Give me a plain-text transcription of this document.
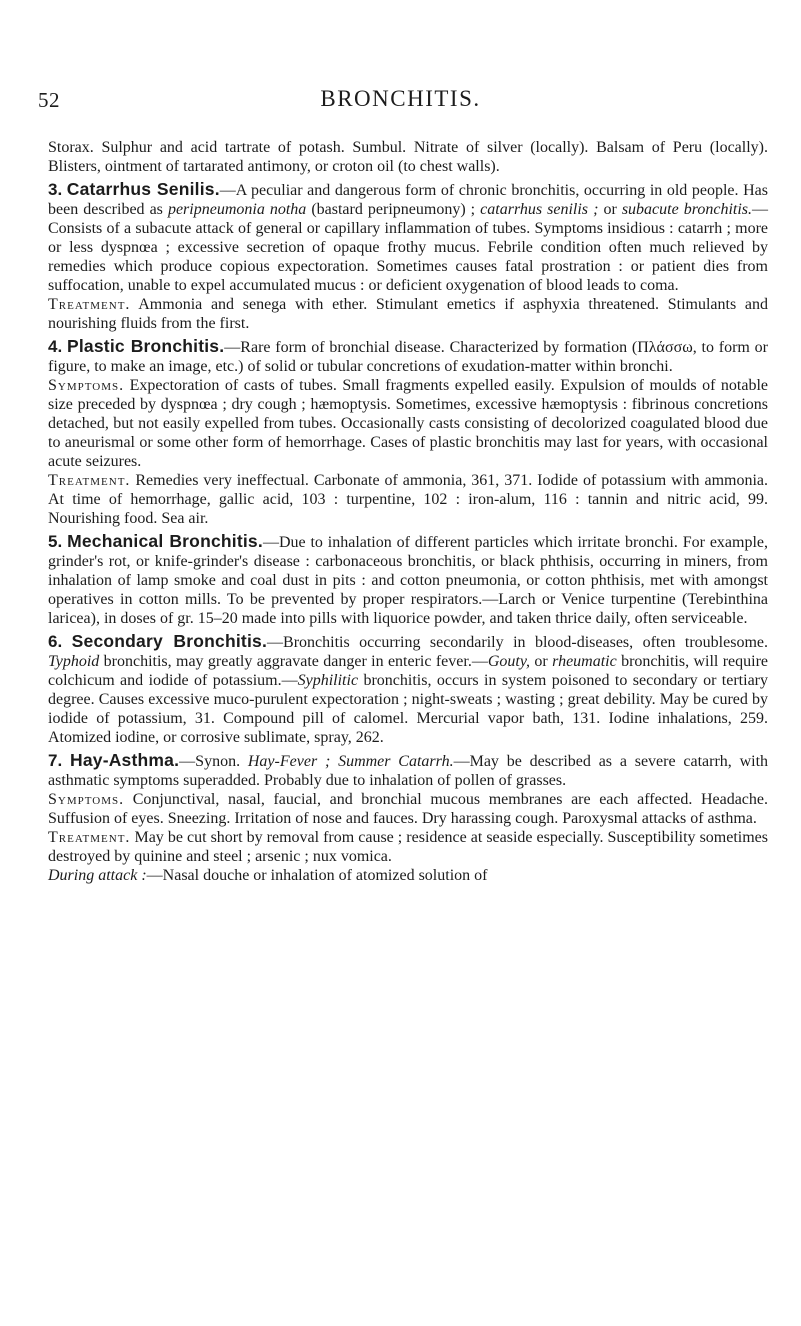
52	BRONCHITIS.

Storax. Sulphur and acid tartrate of potash. Sumbul. Nitrate of silver (locally). Balsam of Peru (locally). Blisters, ointment of tartarated antimony, or croton oil (to chest walls).

3. Catarrhus Senilis.—A peculiar and dangerous form of chronic bronchitis, occurring in old people. Has been described as peripneumonia notha (bastard peripneumony) ; catarrhus senilis ; or subacute bronchitis.— Consists of a subacute attack of general or capillary inflammation of tubes. Symptoms insidious : catarrh ; more or less dyspnœa ; excessive secretion of opaque frothy mucus. Febrile condition often much relieved by remedies which produce copious expectoration. Sometimes causes fatal prostration : or patient dies from suffocation, unable to expel accumulated mucus : or deficient oxygenation of blood leads to coma.

Treatment. Ammonia and senega with ether. Stimulant emetics if asphyxia threatened. Stimulants and nourishing fluids from the first.

4. Plastic Bronchitis.—Rare form of bronchial disease. Characterized by formation (Πλάσσω, to form or figure, to make an image, etc.) of solid or tubular concretions of exudation-matter within bronchi.

Symptoms. Expectoration of casts of tubes. Small fragments expelled easily. Expulsion of moulds of notable size preceded by dyspnœa ; dry cough ; hæmoptysis. Sometimes, excessive hæmoptysis : fibrinous concretions detached, but not easily expelled from tubes. Occasionally casts consisting of decolorized coagulated blood due to aneurismal or some other form of hemorrhage. Cases of plastic bronchitis may last for years, with occasional acute seizures.

Treatment. Remedies very ineffectual. Carbonate of ammonia, 361, 371. Iodide of potassium with ammonia. At time of hemorrhage, gallic acid, 103 : turpentine, 102 : iron-alum, 116 : tannin and nitric acid, 99. Nourishing food. Sea air.

5. Mechanical Bronchitis.—Due to inhalation of different particles which irritate bronchi. For example, grinder's rot, or knife-grinder's disease : carbonaceous bronchitis, or black phthisis, occurring in miners, from inhalation of lamp smoke and coal dust in pits : and cotton pneumonia, or cotton phthisis, met with amongst operatives in cotton mills. To be prevented by proper respirators.—Larch or Venice turpentine (Terebinthina laricea), in doses of gr. 15–20 made into pills with liquorice powder, and taken thrice daily, often serviceable.

6. Secondary Bronchitis.—Bronchitis occurring secondarily in blood-diseases, often troublesome. Typhoid bronchitis, may greatly aggravate danger in enteric fever.—Gouty, or rheumatic bronchitis, will require colchicum and iodide of potassium.—Syphilitic bronchitis, occurs in system poisoned to secondary or tertiary degree. Causes excessive muco-purulent expectoration ; night-sweats ; wasting ; great debility. May be cured by iodide of potassium, 31. Compound pill of calomel. Mercurial vapor bath, 131. Iodine inhalations, 259. Atomized iodine, or corrosive sublimate, spray, 262.

7. Hay-Asthma.—Synon. Hay-Fever ; Summer Catarrh.—May be described as a severe catarrh, with asthmatic symptoms superadded. Probably due to inhalation of pollen of grasses.

Symptoms. Conjunctival, nasal, faucial, and bronchial mucous membranes are each affected. Headache. Suffusion of eyes. Sneezing. Irritation of nose and fauces. Dry harassing cough. Paroxysmal attacks of asthma.

Treatment. May be cut short by removal from cause ; residence at seaside especially. Susceptibility sometimes destroyed by quinine and steel ; arsenic ; nux vomica.

During attack :—Nasal douche or inhalation of atomized solution of
